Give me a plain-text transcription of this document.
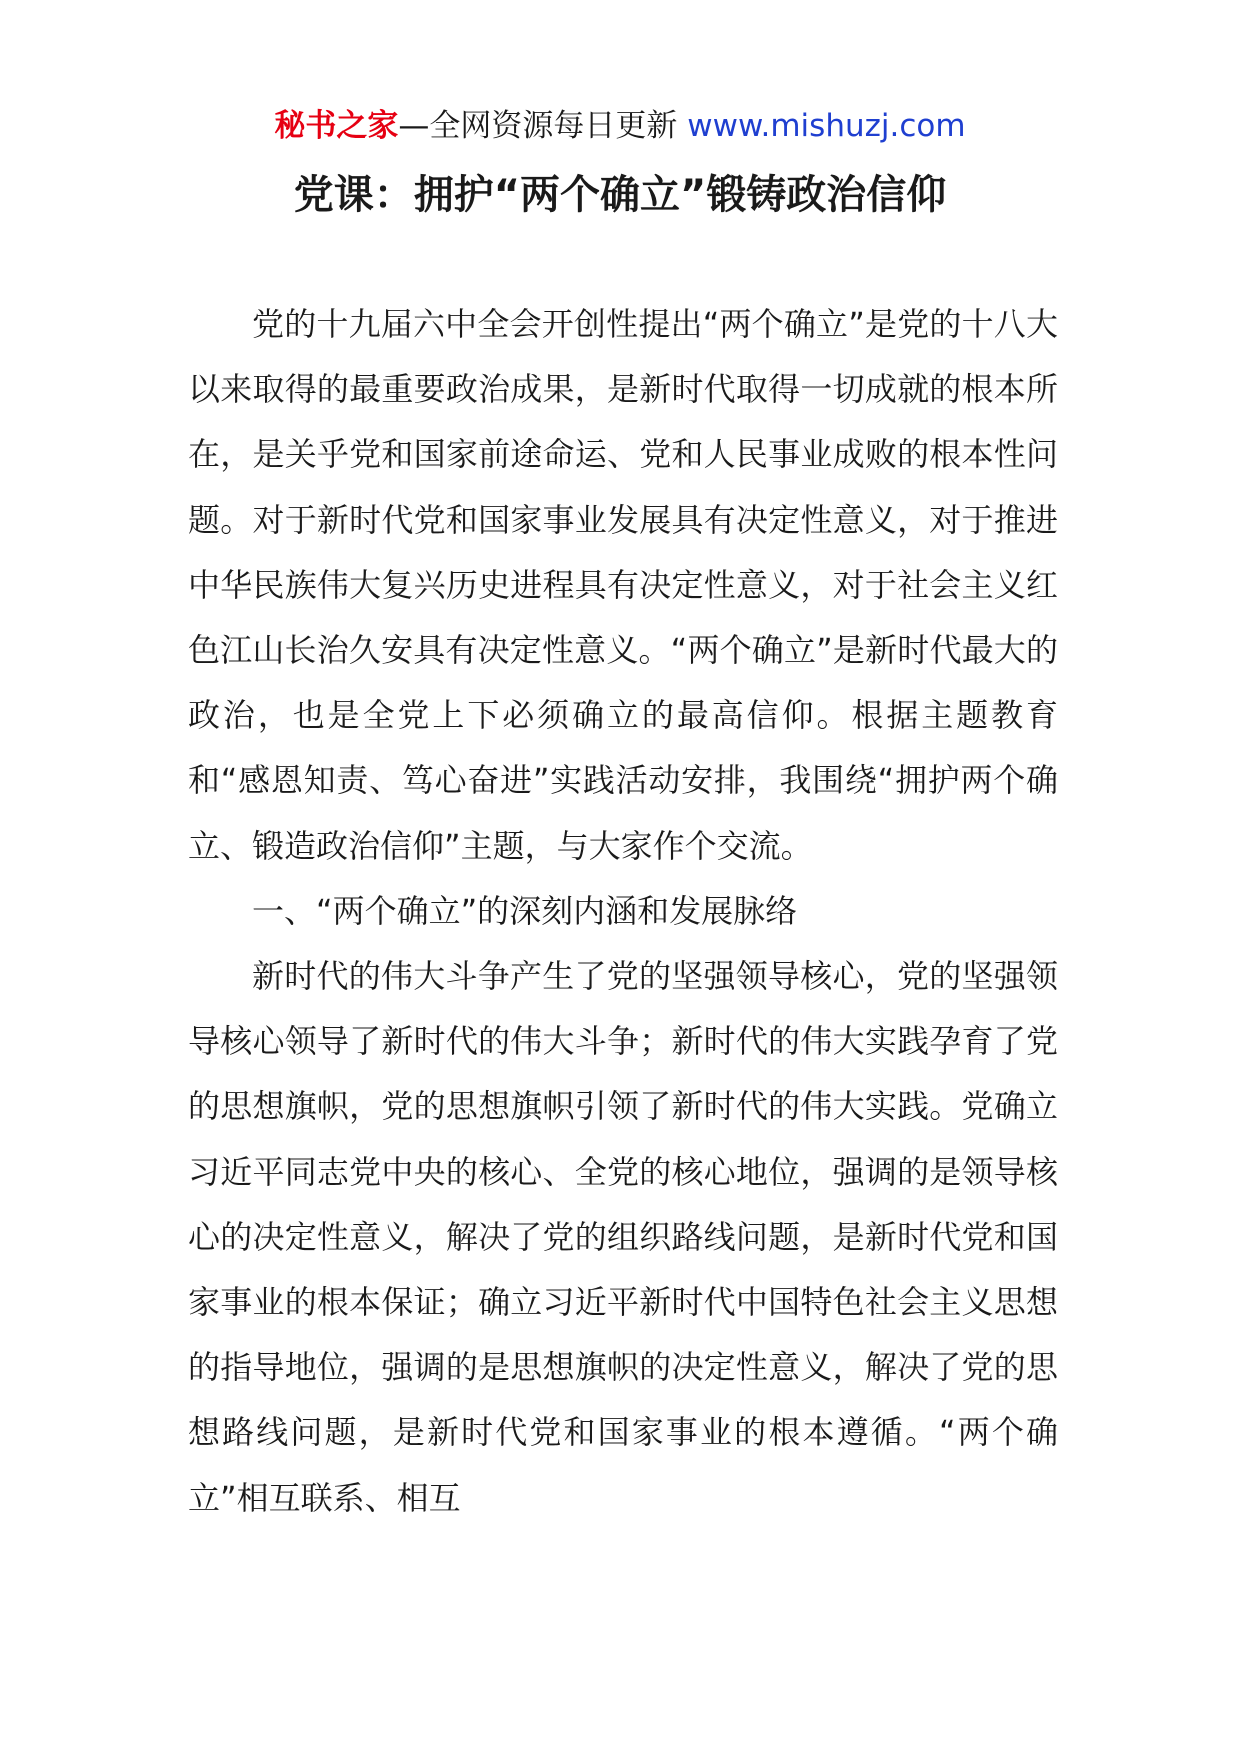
秘书之家—全网资源每日更新 www.mishuzj.com
党课：拥护“两个确立”锻铸政治信仰

党的十九届六中全会开创性提出“两个确立”是党的十八大以来取得的最重要政治成果，是新时代取得一切成就的根本所在，是关乎党和国家前途命运、党和人民事业成败的根本性问题。对于新时代党和国家事业发展具有决定性意义，对于推进中华民族伟大复兴历史进程具有决定性意义，对于社会主义红色江山长治久安具有决定性意义。“两个确立”是新时代最大的政治，也是全党上下必须确立的最高信仰。根据主题教育和“感恩知责、笃心奋进”实践活动安排，我围绕“拥护两个确立、锻造政治信仰”主题，与大家作个交流。

一、“两个确立”的深刻内涵和发展脉络

新时代的伟大斗争产生了党的坚强领导核心，党的坚强领导核心领导了新时代的伟大斗争；新时代的伟大实践孕育了党的思想旗帜，党的思想旗帜引领了新时代的伟大实践。党确立习近平同志党中央的核心、全党的核心地位，强调的是领导核心的决定性意义，解决了党的组织路线问题，是新时代党和国家事业的根本保证；确立习近平新时代中国特色社会主义思想的指导地位，强调的是思想旗帜的决定性意义，解决了党的思想路线问题，是新时代党和国家事业的根本遵循。“两个确立”相互联系、相互
